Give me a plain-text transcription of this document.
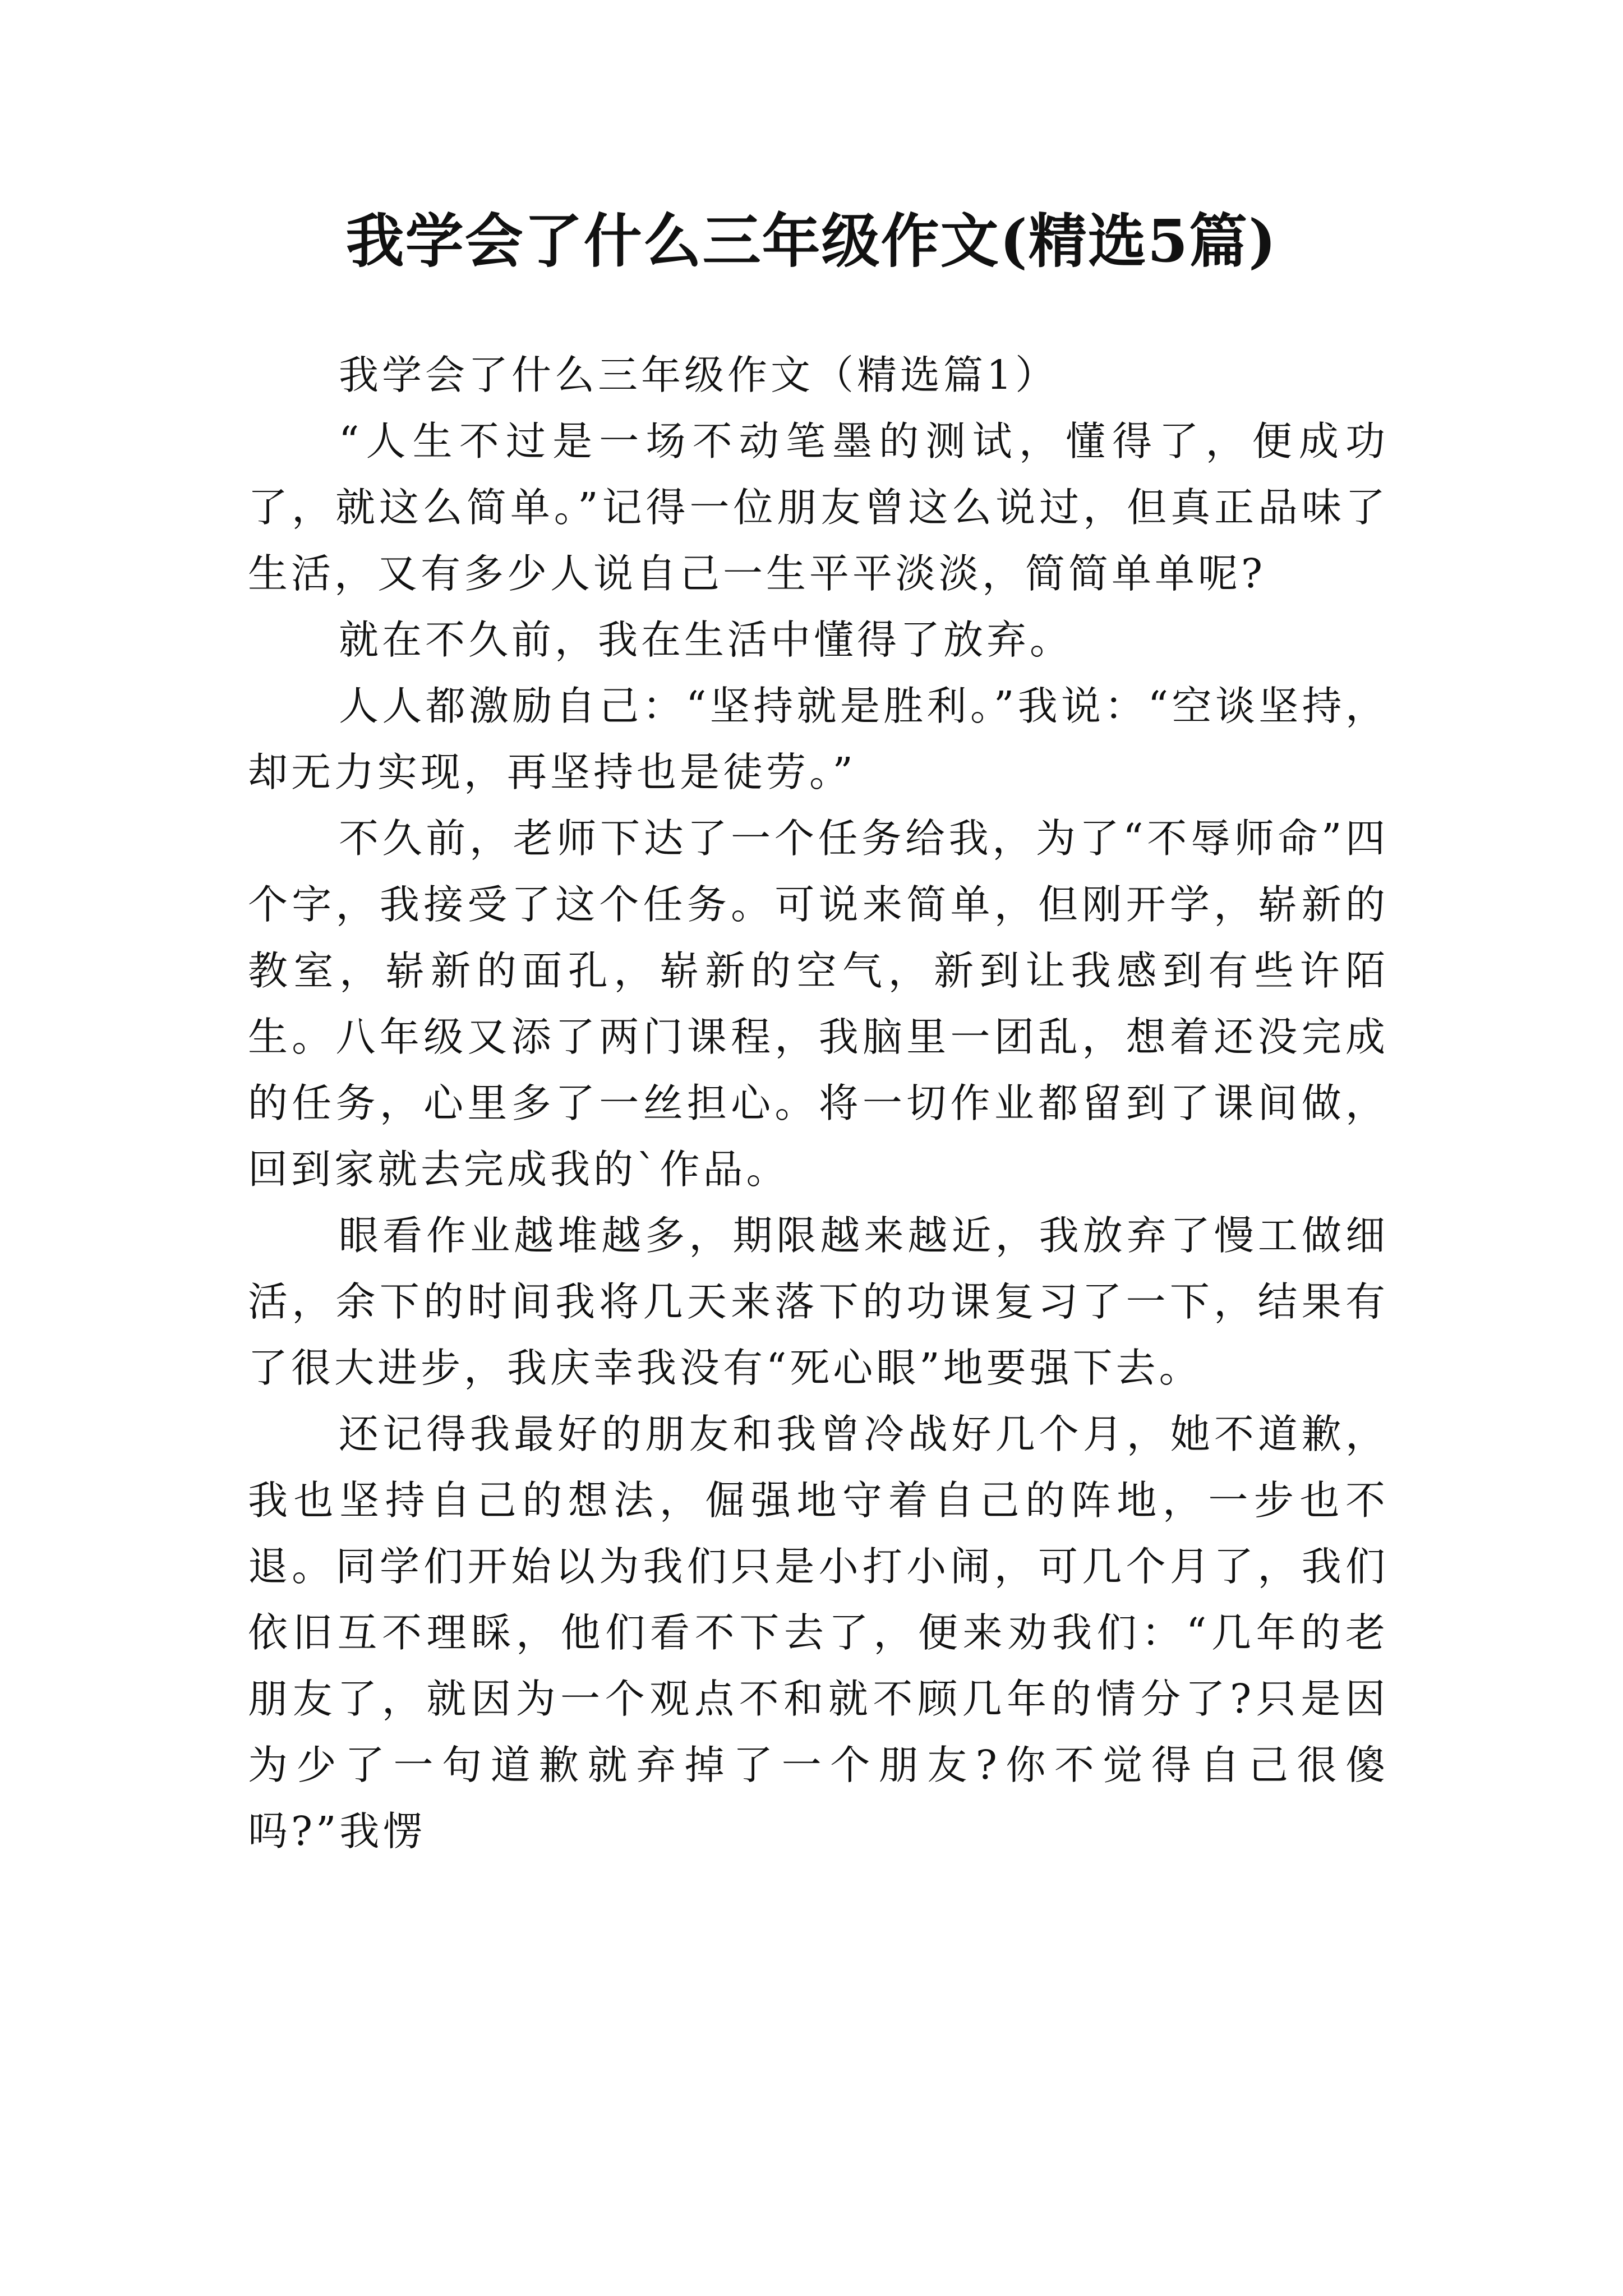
我学会了什么三年级作文(精选5篇)

我学会了什么三年级作文（精选篇1）

“人生不过是一场不动笔墨的测试，懂得了，便成功了，就这么简单。”记得一位朋友曾这么说过，但真正品味了生活，又有多少人说自己一生平平淡淡，简简单单呢?

就在不久前，我在生活中懂得了放弃。

人人都激励自己：“坚持就是胜利。”我说：“空谈坚持，却无力实现，再坚持也是徒劳。”

不久前，老师下达了一个任务给我，为了“不辱师命”四个字，我接受了这个任务。可说来简单，但刚开学，崭新的教室，崭新的面孔，崭新的空气，新到让我感到有些许陌生。八年级又添了两门课程，我脑里一团乱，想着还没完成的任务，心里多了一丝担心。将一切作业都留到了课间做，回到家就去完成我的`作品。

眼看作业越堆越多，期限越来越近，我放弃了慢工做细活，余下的时间我将几天来落下的功课复习了一下，结果有了很大进步，我庆幸我没有“死心眼”地要强下去。

还记得我最好的朋友和我曾冷战好几个月，她不道歉，我也坚持自己的想法，倔强地守着自己的阵地，一步也不退。同学们开始以为我们只是小打小闹，可几个月了，我们依旧互不理睬，他们看不下去了，便来劝我们：“几年的老朋友了，就因为一个观点不和就不顾几年的情分了?只是因为少了一句道歉就弃掉了一个朋友?你不觉得自己很傻吗?”我愣
